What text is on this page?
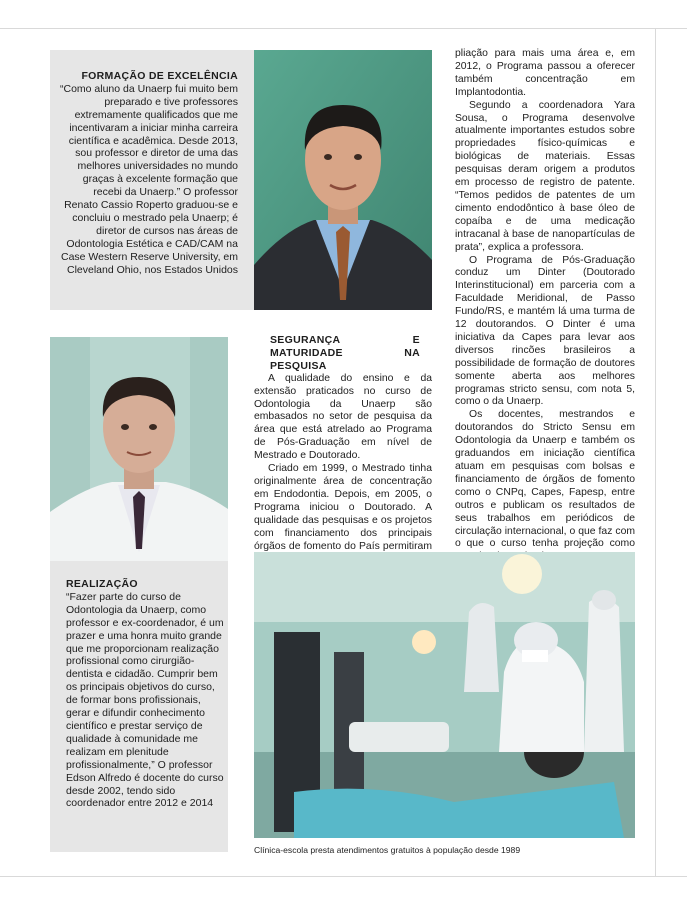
FORMAÇÃO DE EXCELÊNCIA

“Como aluno da Unaerp fui muito bem preparado e tive professores extremamente qualificados que me incentivaram a iniciar minha carreira científica e acadêmica. Desde 2013, sou professor e diretor de uma das melhores universidades no mundo graças à excelente formação que recebi da Unaerp.” O professor Renato Cassio Roperto graduou-se e concluiu o mestrado pela Unaerp; é diretor de cursos nas áreas de Odontologia Estética e CAD/CAM na Case Western Reserve University, em Cleveland Ohio, nos Estados Unidos

REALIZAÇÃO

“Fazer parte do curso de Odontologia da Unaerp, como professor e ex-coordenador, é um prazer e uma honra muito grande que me proporcionam realização profissional como cirurgião-dentista e cidadão. Cumprir bem os principais objetivos do curso, de formar bons profissionais, gerar e difundir conhecimento científico e prestar serviço de qualidade à comunidade me realizam em plenitude profissionalmente,” O professor Edson Alfredo é docente do curso desde 2002, tendo sido coordenador entre 2012 e 2014

SEGURANÇA E MATURIDADE NA PESQUISA

A qualidade do ensino e da extensão praticados no curso de Odontologia da Unaerp são embasados no setor de pesquisa da área que está atrelado ao Programa de Pós-Graduação em nível de Mestrado e Doutorado.

Criado em 1999, o Mestrado tinha originalmente área de concentração em Endodontia. Depois, em 2005, o Programa iniciou o Doutorado. A qualidade das pesquisas e os projetos com financiamento dos principais órgãos de fomento do País permitiram

pliação para mais uma área e, em 2012, o Programa passou a oferecer também concentração em Implantodontia.

Segundo a coordenadora Yara Sousa, o Programa desenvolve atualmente importantes estudos sobre propriedades físico-químicas e biológicas de materiais. Essas pesquisas deram origem a produtos em processo de registro de patente. “Temos pedidos de patentes de um cimento endodôntico à base óleo de copaíba e de uma medicação intracanal à base de nanopartículas de prata”, explica a professora.

O Programa de Pós-Graduação conduz um Dinter (Doutorado Interinstitucional) em parceria com a Faculdade Meridional, de Passo Fundo/RS, e mantém lá uma turma de 12 doutorandos. O Dinter é uma iniciativa da Capes para levar aos diversos rincões brasileiros a possibilidade de formação de doutores somente aberta aos melhores programas stricto sensu, com nota 5, como o da Unaerp.

Os docentes, mestrandos e doutorandos do Stricto Sensu em Odontologia da Unaerp e também os graduandos em iniciação científica atuam em pesquisas com bolsas e financiamento de órgãos de fomento como o CNPq, Capes, Fapesp, entre outros e publicam os resultados de seus trabalhos em periódicos de circulação internacional, o que faz com o que o curso tenha projeção como

Clínica-escola presta atendimentos gratuitos à população desde 1989
